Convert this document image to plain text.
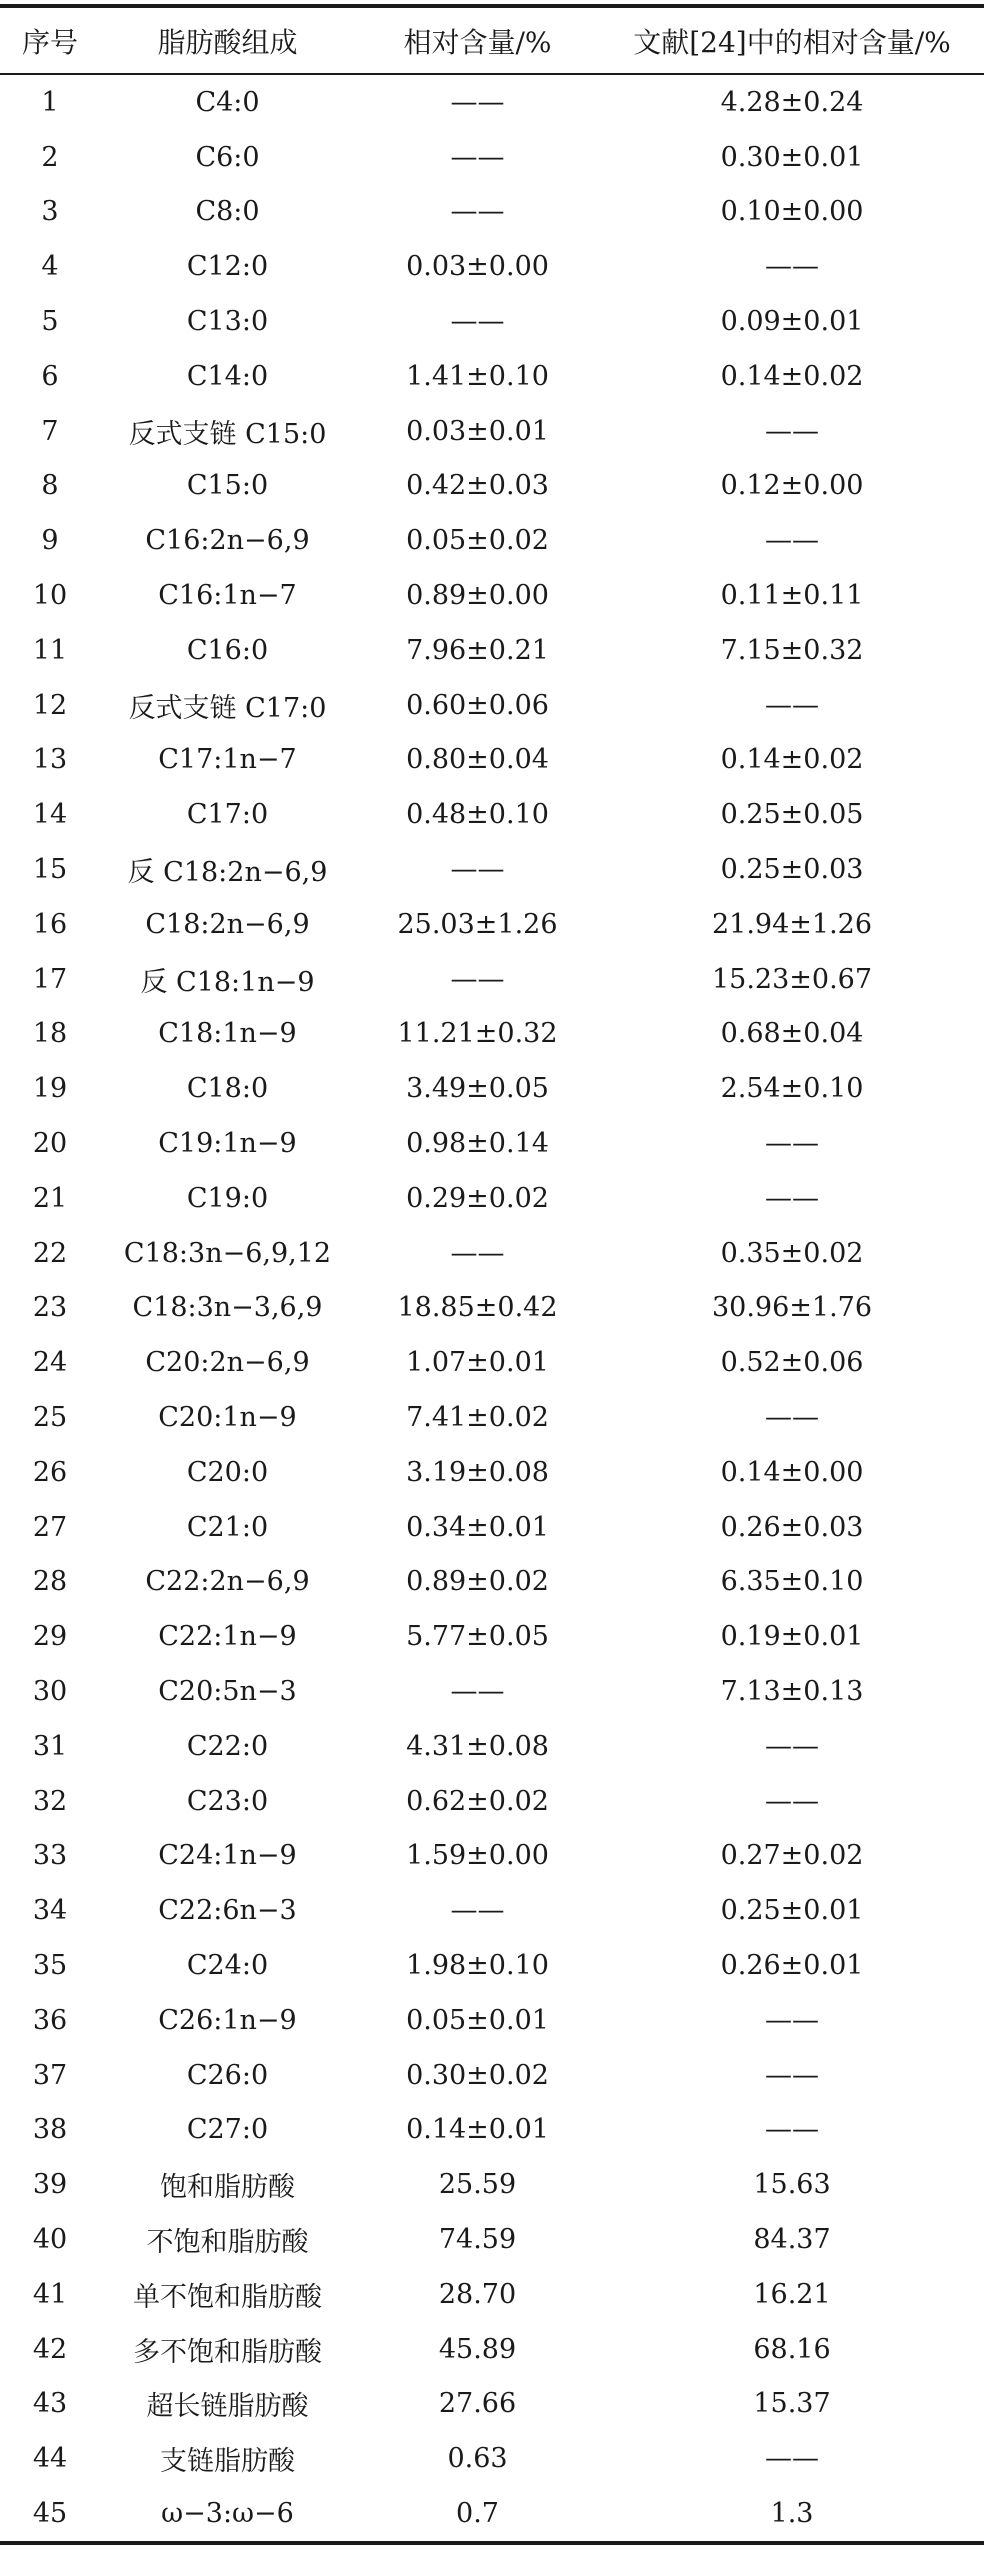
序号	脂肪酸组成	相对含量/%	文献[24]中的相对含量/%
1	C4:0	——	4.28±0.24
2	C6:0	——	0.30±0.01
3	C8:0	——	0.10±0.00
4	C12:0	0.03±0.00	——
5	C13:0	——	0.09±0.01
6	C14:0	1.41±0.10	0.14±0.02
7	反式支链 C15:0	0.03±0.01	——
8	C15:0	0.42±0.03	0.12±0.00
9	C16:2n−6,9	0.05±0.02	——
10	C16:1n−7	0.89±0.00	0.11±0.11
11	C16:0	7.96±0.21	7.15±0.32
12	反式支链 C17:0	0.60±0.06	——
13	C17:1n−7	0.80±0.04	0.14±0.02
14	C17:0	0.48±0.10	0.25±0.05
15	反 C18:2n−6,9	——	0.25±0.03
16	C18:2n−6,9	25.03±1.26	21.94±1.26
17	反 C18:1n−9	——	15.23±0.67
18	C18:1n−9	11.21±0.32	0.68±0.04
19	C18:0	3.49±0.05	2.54±0.10
20	C19:1n−9	0.98±0.14	——
21	C19:0	0.29±0.02	——
22	C18:3n−6,9,12	——	0.35±0.02
23	C18:3n−3,6,9	18.85±0.42	30.96±1.76
24	C20:2n−6,9	1.07±0.01	0.52±0.06
25	C20:1n−9	7.41±0.02	——
26	C20:0	3.19±0.08	0.14±0.00
27	C21:0	0.34±0.01	0.26±0.03
28	C22:2n−6,9	0.89±0.02	6.35±0.10
29	C22:1n−9	5.77±0.05	0.19±0.01
30	C20:5n−3	——	7.13±0.13
31	C22:0	4.31±0.08	——
32	C23:0	0.62±0.02	——
33	C24:1n−9	1.59±0.00	0.27±0.02
34	C22:6n−3	——	0.25±0.01
35	C24:0	1.98±0.10	0.26±0.01
36	C26:1n−9	0.05±0.01	——
37	C26:0	0.30±0.02	——
38	C27:0	0.14±0.01	——
39	饱和脂肪酸	25.59	15.63
40	不饱和脂肪酸	74.59	84.37
41	单不饱和脂肪酸	28.70	16.21
42	多不饱和脂肪酸	45.89	68.16
43	超长链脂肪酸	27.66	15.37
44	支链脂肪酸	0.63	——
45	ω−3:ω−6	0.7	1.3
